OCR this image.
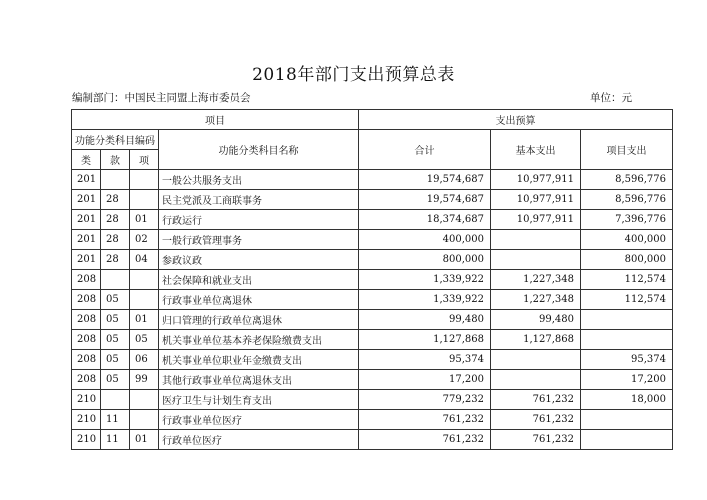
2018年部门支出预算总表
编制部门：中国民主同盟上海市委员会	单位：元
项目				支出预算		
功能分类科目编码			功能分类科目名称	合计	基本支出	项目支出
类	款	项				
201			一般公共服务支出	19,574,687	10,977,911	8,596,776
201	28		民主党派及工商联事务	19,574,687	10,977,911	8,596,776
201	28	01	行政运行	18,374,687	10,977,911	7,396,776
201	28	02	一般行政管理事务	400,000		400,000
201	28	04	参政议政	800,000		800,000
208			社会保障和就业支出	1,339,922	1,227,348	112,574
208	05		行政事业单位离退休	1,339,922	1,227,348	112,574
208	05	01	归口管理的行政单位离退休	99,480	99,480	
208	05	05	机关事业单位基本养老保险缴费支出	1,127,868	1,127,868	
208	05	06	机关事业单位职业年金缴费支出	95,374		95,374
208	05	99	其他行政事业单位离退休支出	17,200		17,200
210			医疗卫生与计划生育支出	779,232	761,232	18,000
210	11		行政事业单位医疗	761,232	761,232	
210	11	01	行政单位医疗	761,232	761,232	
